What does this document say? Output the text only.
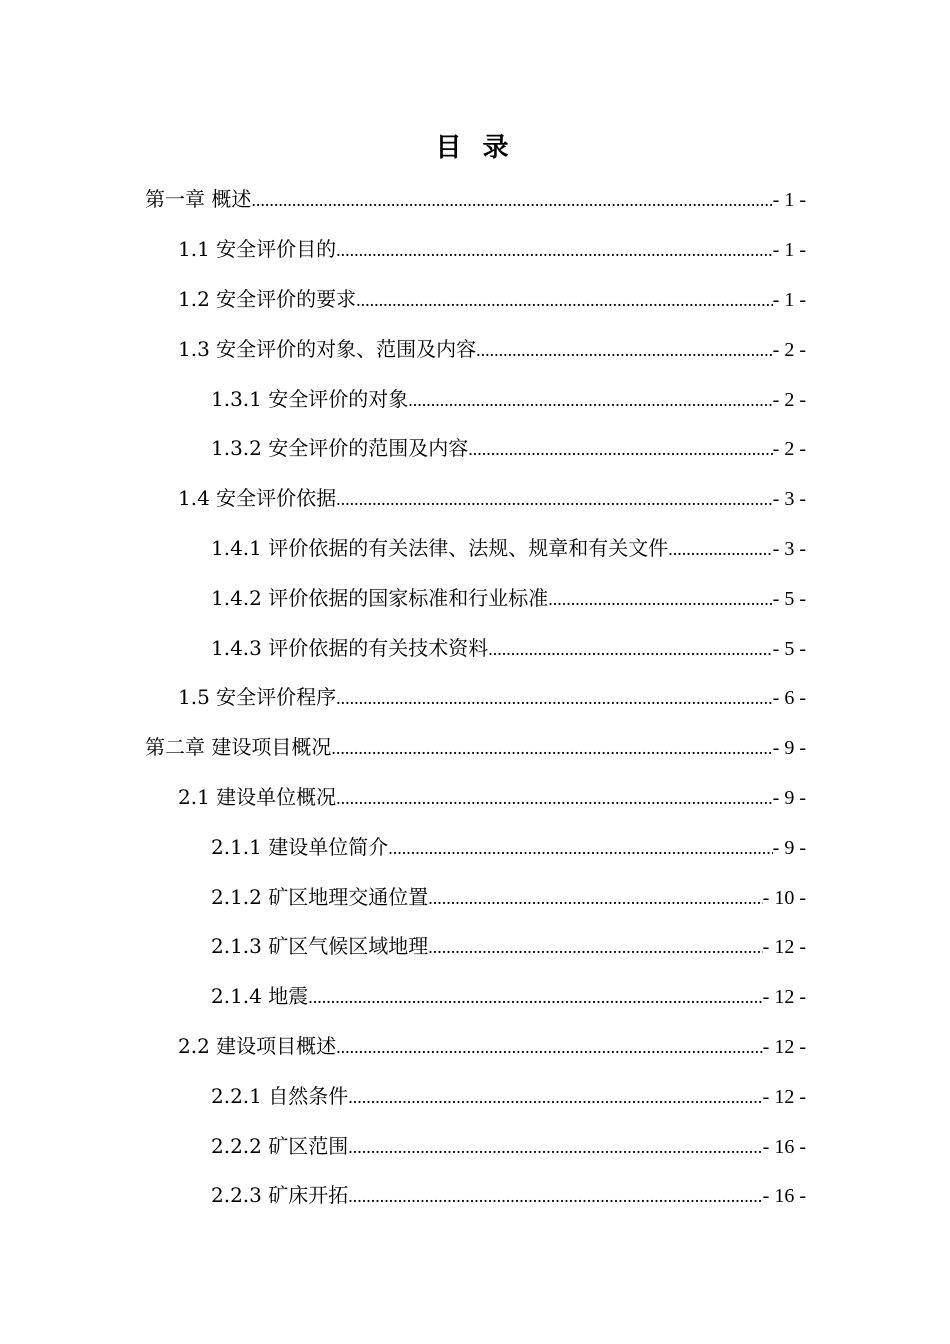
目 录
第一章 概述 .....	- 1 -
1.1 安全评价目的 .....	- 1 -
1.2 安全评价的要求 .....	- 1 -
1.3 安全评价的对象、范围及内容 .....	- 2 -
1.3.1 安全评价的对象 .....	- 2 -
1.3.2 安全评价的范围及内容 .....	- 2 -
1.4 安全评价依据 .....	- 3 -
1.4.1 评价依据的有关法律、法规、规章和有关文件 .....	- 3 -
1.4.2 评价依据的国家标准和行业标准 .....	- 5 -
1.4.3 评价依据的有关技术资料 .....	- 5 -
1.5 安全评价程序 .....	- 6 -
第二章 建设项目概况 .....	- 9 -
2.1 建设单位概况 .....	- 9 -
2.1.1 建设单位简介 .....	- 9 -
2.1.2 矿区地理交通位置 .....	- 10 -
2.1.3 矿区气候区域地理 .....	- 12 -
2.1.4 地震 .....	- 12 -
2.2 建设项目概述 .....	- 12 -
2.2.1 自然条件 .....	- 12 -
2.2.2 矿区范围 .....	- 16 -
2.2.3 矿床开拓 .....	- 16 -
